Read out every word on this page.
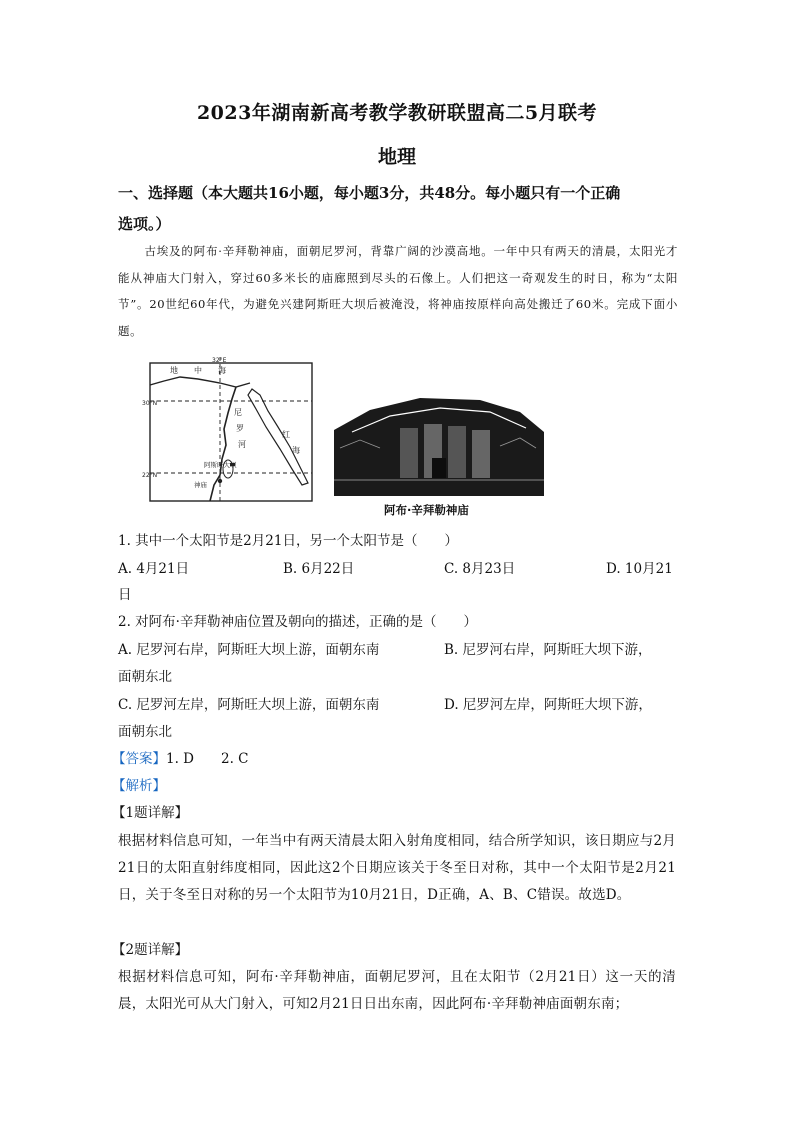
2023年湖南新高考教学教研联盟高二5月联考
地理
一、选择题（本大题共16小题，每小题3分，共48分。每小题只有一个正确
选项。）
古埃及的阿布·辛拜勒神庙，面朝尼罗河，背靠广阔的沙漠高地。一年中只有两天的清晨，太阳光才能从神庙大门射入，穿过60多米长的庙廊照到尽头的石像上。人们把这一奇观发生的时日，称为“太阳节”。20世纪60年代，为避免兴建阿斯旺大坝后被淹没，将神庙按原样向高处搬迁了60米。完成下面小题。
30°N
22°N
32°E
地 中 海
尼
罗
河
红
海
阿斯旺大坝
神庙
阿布·辛拜勒神庙
1. 其中一个太阳节是2月21日，另一个太阳节是（　　）
A. 4月21日	B. 6月22日	C. 8月23日	D. 10月21
日
2. 对阿布·辛拜勒神庙位置及朝向的描述，正确的是（　　）
A. 尼罗河右岸，阿斯旺大坝上游，面朝东南	B. 尼罗河右岸，阿斯旺大坝下游，
面朝东北
C. 尼罗河左岸，阿斯旺大坝上游，面朝东南	D. 尼罗河左岸，阿斯旺大坝下游，
面朝东北
【答案】1. D　　2. C
【解析】
【1题详解】
根据材料信息可知，一年当中有两天清晨太阳入射角度相同，结合所学知识，该日期应与2月21日的太阳直射纬度相同，因此这2个日期应该关于冬至日对称，其中一个太阳节是2月21日，关于冬至日对称的另一个太阳节为10月21日，D正确，A、B、C错误。故选D。
【2题详解】
根据材料信息可知，阿布·辛拜勒神庙，面朝尼罗河，且在太阳节（2月21日）这一天的清晨，太阳光可从大门射入，可知2月21日日出东南，因此阿布·辛拜勒神庙面朝东南；
